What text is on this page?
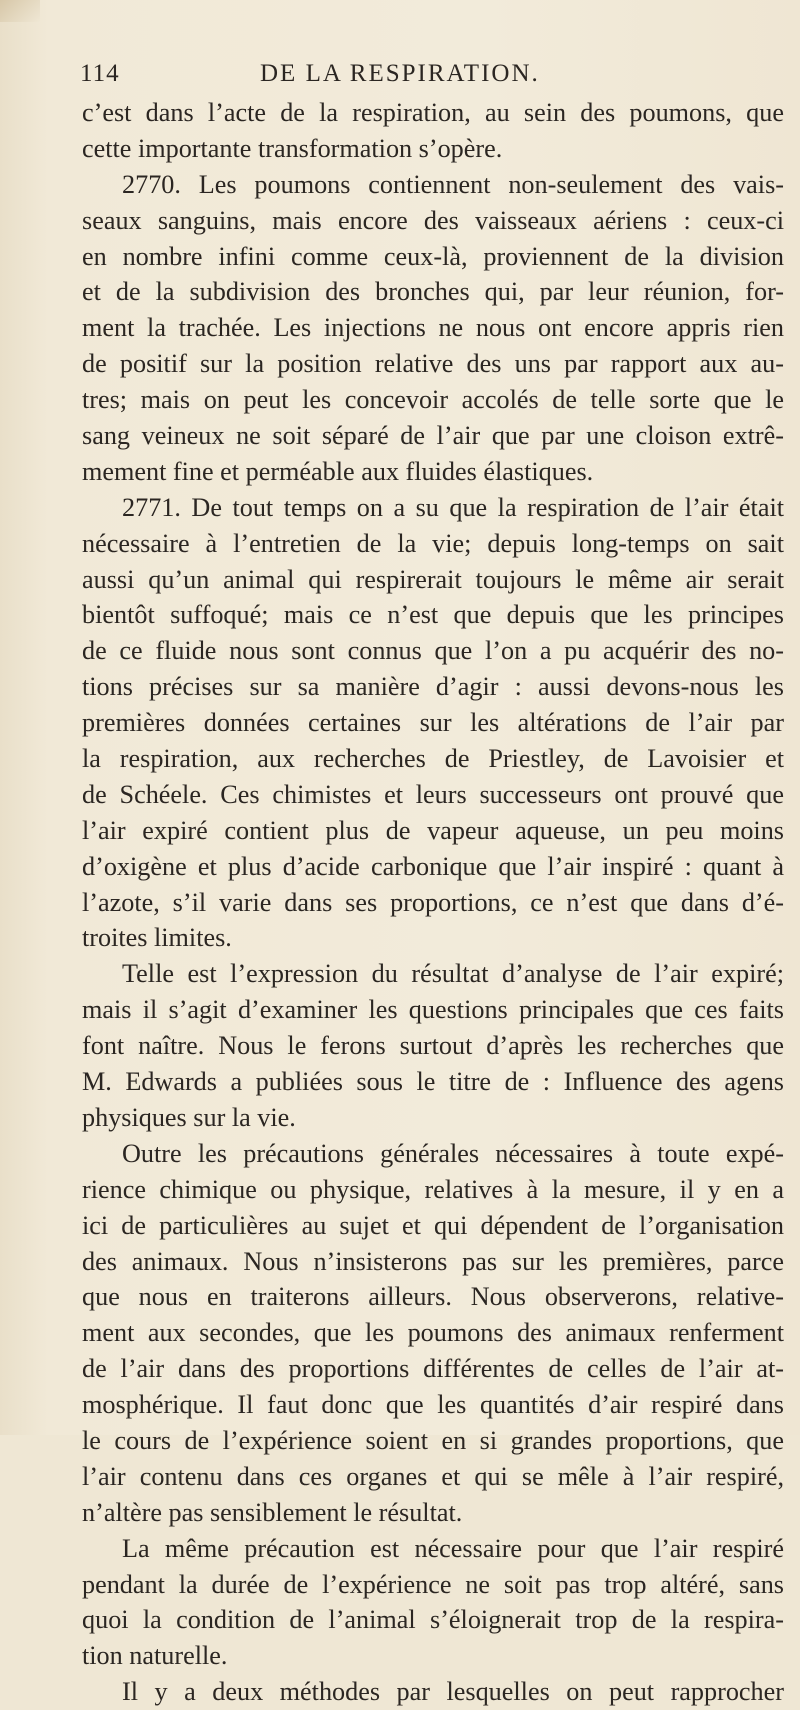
114	DE LA RESPIRATION.
c’est dans l’acte de la respiration, au sein des poumons, que
cette importante transformation s’opère.
2770. Les poumons contiennent non-seulement des vais-
seaux sanguins, mais encore des vaisseaux aériens : ceux-ci
en nombre infini comme ceux-là, proviennent de la division
et de la subdivision des bronches qui, par leur réunion, for-
ment la trachée. Les injections ne nous ont encore appris rien
de positif sur la position relative des uns par rapport aux au-
tres; mais on peut les concevoir accolés de telle sorte que le
sang veineux ne soit séparé de l’air que par une cloison extrê-
mement fine et perméable aux fluides élastiques.
2771. De tout temps on a su que la respiration de l’air était
nécessaire à l’entretien de la vie; depuis long-temps on sait
aussi qu’un animal qui respirerait toujours le même air serait
bientôt suffoqué; mais ce n’est que depuis que les principes
de ce fluide nous sont connus que l’on a pu acquérir des no-
tions précises sur sa manière d’agir : aussi devons-nous les
premières données certaines sur les altérations de l’air par
la respiration, aux recherches de Priestley, de Lavoisier et
de Schéele. Ces chimistes et leurs successeurs ont prouvé que
l’air expiré contient plus de vapeur aqueuse, un peu moins
d’oxigène et plus d’acide carbonique que l’air inspiré : quant à
l’azote, s’il varie dans ses proportions, ce n’est que dans d’é-
troites limites.
Telle est l’expression du résultat d’analyse de l’air expiré;
mais il s’agit d’examiner les questions principales que ces faits
font naître. Nous le ferons surtout d’après les recherches que
M. Edwards a publiées sous le titre de : Influence des agens
physiques sur la vie.
Outre les précautions générales nécessaires à toute expé-
rience chimique ou physique, relatives à la mesure, il y en a
ici de particulières au sujet et qui dépendent de l’organisation
des animaux. Nous n’insisterons pas sur les premières, parce
que nous en traiterons ailleurs. Nous observerons, relative-
ment aux secondes, que les poumons des animaux renferment
de l’air dans des proportions différentes de celles de l’air at-
mosphérique. Il faut donc que les quantités d’air respiré dans
le cours de l’expérience soient en si grandes proportions, que
l’air contenu dans ces organes et qui se mêle à l’air respiré,
n’altère pas sensiblement le résultat.
La même précaution est nécessaire pour que l’air respiré
pendant la durée de l’expérience ne soit pas trop altéré, sans
quoi la condition de l’animal s’éloignerait trop de la respira-
tion naturelle.
Il y a deux méthodes par lesquelles on peut rapprocher
